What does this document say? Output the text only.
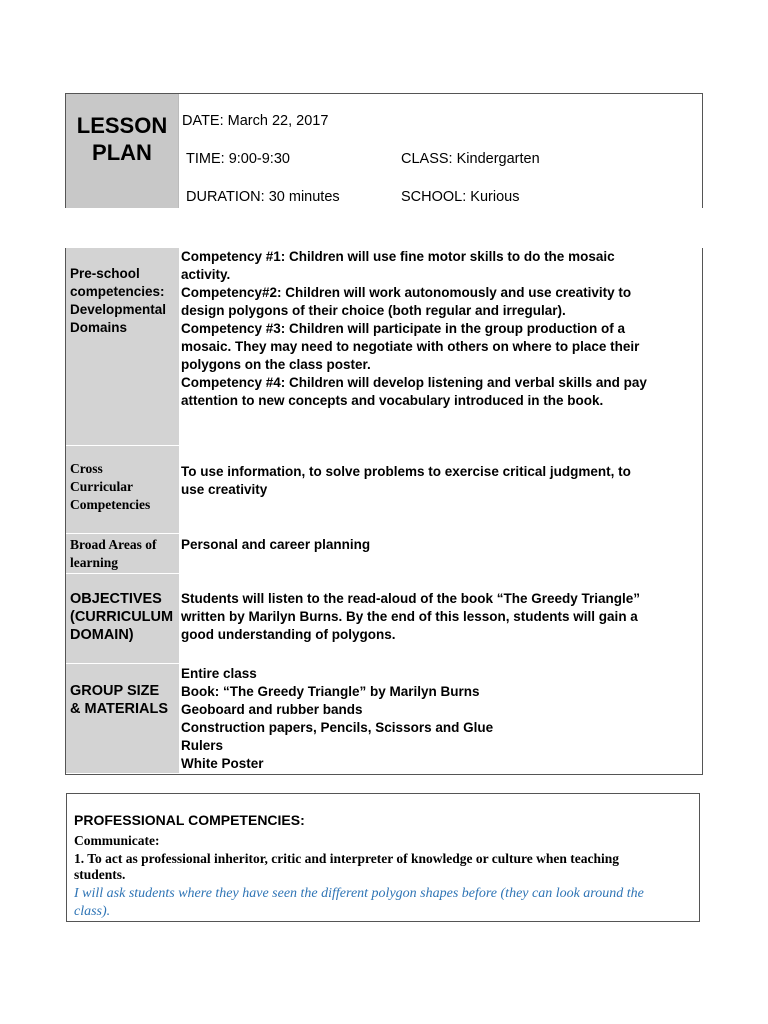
LESSON
PLAN
DATE: March 22, 2017
TIME: 9:00-9:30	CLASS: Kindergarten
DURATION: 30 minutes	SCHOOL: Kurious
Pre-school
competencies:
Developmental
Domains
Competency #1: Children will use fine motor skills to do the mosaic
activity.
Competency#2: Children will work autonomously and use creativity to
design polygons of their choice (both regular and irregular).
Competency #3: Children will participate in the group production of a
mosaic. They may need to negotiate with others on where to place their
polygons on the class poster.
Competency #4: Children will develop listening and verbal skills and pay
attention to new concepts and vocabulary introduced in the book.
Cross
Curricular
Competencies
To use information, to solve problems to exercise critical judgment, to
use creativity
Broad Areas of
learning
Personal and career planning
OBJECTIVES
(CURRICULUM
DOMAIN)
Students will listen to the read-aloud of the book “The Greedy Triangle”
written by Marilyn Burns. By the end of this lesson, students will gain a
good understanding of polygons.
GROUP SIZE
& MATERIALS
Entire class
Book: “The Greedy Triangle” by Marilyn Burns
Geoboard and rubber bands
Construction papers, Pencils, Scissors and Glue
Rulers
White Poster
PROFESSIONAL COMPETENCIES:
Communicate:
1. To act as professional inheritor, critic and interpreter of knowledge or culture when teaching
students.
I will ask students where they have seen the different polygon shapes before (they can look around the
class).
